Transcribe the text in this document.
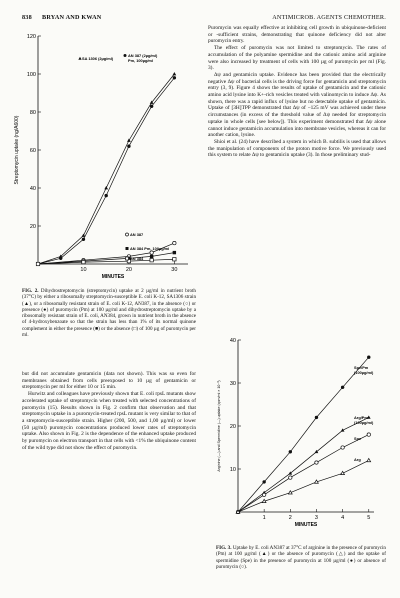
838 BRYAN AND KWAN	ANTIMICROB. AGENTS CHEMOTHER.
20
40
60
80
100
120
10	20	30
MINUTES
Streptomycin uptake (ng/A600)
SA 1306 (2µg/ml)
AN 387 (2µg/ml)
Pm, 100µg/ml
AN 387
AN 384 Pm, 100µg/ml
AN 384
FIG. 2. Dihydrostreptomycin (streptomycin) uptake at 2 µg/ml in nutrient broth (37°C) by either a ribosomally streptomycin-susceptible E. coli K-12, SA1306 strain (▲), or a ribosomally resistant strain of E. coli K-12, AN387, in the absence (○) or presence (●) of puromycin (Pm) at 100 µg/ml and dihydrostreptomycin uptake by a ribosomally resistant strain of E. coli, AN384, grown in nutrient broth in the absence of 4-hydroxybenzoate so that the strain has less than 1% of its normal quinone complement in either the presence (■) or the absence (□) of 100 µg of puromycin per ml.

but did not accumulate gentamicin (data not shown). This was so even for membranes obtained from cells preexposed to 10 µg of gentamicin or streptomycin per ml for either 10 or 15 min.

Hurwitz and colleagues have previously shown that E. coli rpsL mutants show accelerated uptake of streptomycin when treated with selected concentrations of puromycin (15). Results shown in Fig. 2 confirm that observation and that streptomycin uptake in a puromycin-treated rpsL mutant is very similar to that of a streptomycin-susceptible strain. Higher (200, 500, and 1,00 µg/ml) or lower (50 µg/ml) puromycin concentrations produced lower rates of streptomycin uptake. Also shown in Fig. 2 is the dependence of the enhanced uptake produced by puromycin on electron transport in that cells with <1% the ubiquinone content of the wild type did not show the effect of puromycin.

Puromycin was equally effective at inhibiting cell growth in ubiquinone-deficient or -sufficient strains, demonstrating that quinone deficiency did not alter puromycin entry.

The effect of puromycin was not limited to streptomycin. The rates of accumulation of the polyamine spermidine and the cationic amino acid arginine were also increased by treatment of cells with 100 µg of puromycin per ml (Fig. 3).

Δψ and gentamicin uptake. Evidence has been provided that the electrically negative Δψ of bacterial cells is the driving force for gentamicin and streptomycin entry (3, 9). Figure 4 shows the results of uptake of gentamicin and the cationic amino acid lysine into K+-rich vesicles treated with valinomycin to induce Δψ. As shown, there was a rapid influx of lysine but no detectable uptake of gentamicin. Uptake of [3H]TPP demonstrated that Δψ of −125 mV was achieved under these circumstances (in excess of the threshold value of Δψ needed for streptomycin uptake in whole cells [see below]). This experiment demonstrated that Δψ alone cannot induce gentamicin accumulation into membrane vesicles, whereas it can for another cation, lysine.

Shioi et al. (24) have described a system in which B. subtilis is used that allows the manipulation of components of the proton motive force. We previously used this system to relate Δψ to gentamicin uptake (3). In those preliminary stud-

10
20
30
40
1	2	3	4	5
MINUTES
Arginine (—) and Spermidine (—) uptake (cpm/ml × 10⁻³)
Spe/Pm
(100µg/ml)
Arg/Pm
(100µg/ml)
Spe
Arg
FIG. 3. Uptake by E. coli AN387 at 37°C of arginine in the presence of puromycin (Pm) at 100 µg/ml (▲) or the absence of puromycin (△) and the uptake of spermidine (Spe) in the presence of puromycin at 100 µg/ml (●) or absence of puromycin (○).
